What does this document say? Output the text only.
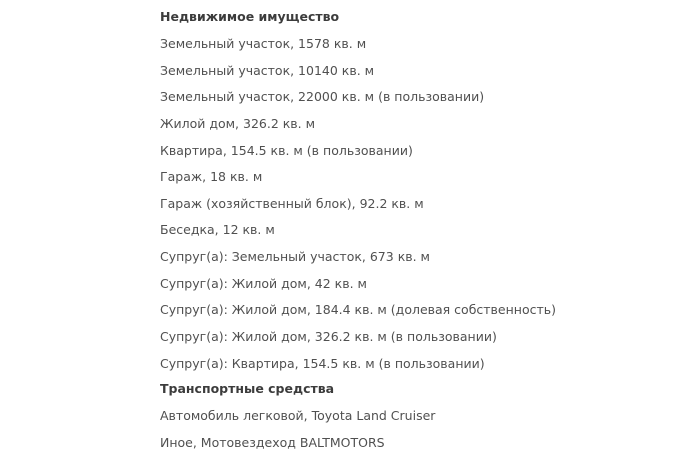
Недвижимое имущество
Земельный участок, 1578 кв. м
Земельный участок, 10140 кв. м
Земельный участок, 22000 кв. м (в пользовании)
Жилой дом, 326.2 кв. м
Квартира, 154.5 кв. м (в пользовании)
Гараж, 18 кв. м
Гараж (хозяйственный блок), 92.2 кв. м
Беседка, 12 кв. м
Супруг(а): Земельный участок, 673 кв. м
Супруг(а): Жилой дом, 42 кв. м
Супруг(а): Жилой дом, 184.4 кв. м (долевая собственность)
Супруг(а): Жилой дом, 326.2 кв. м (в пользовании)
Супруг(а): Квартира, 154.5 кв. м (в пользовании)
Транспортные средства
Автомобиль легковой, Toyota Land Cruiser
Иное, Мотовездеход BALTMOTORS
